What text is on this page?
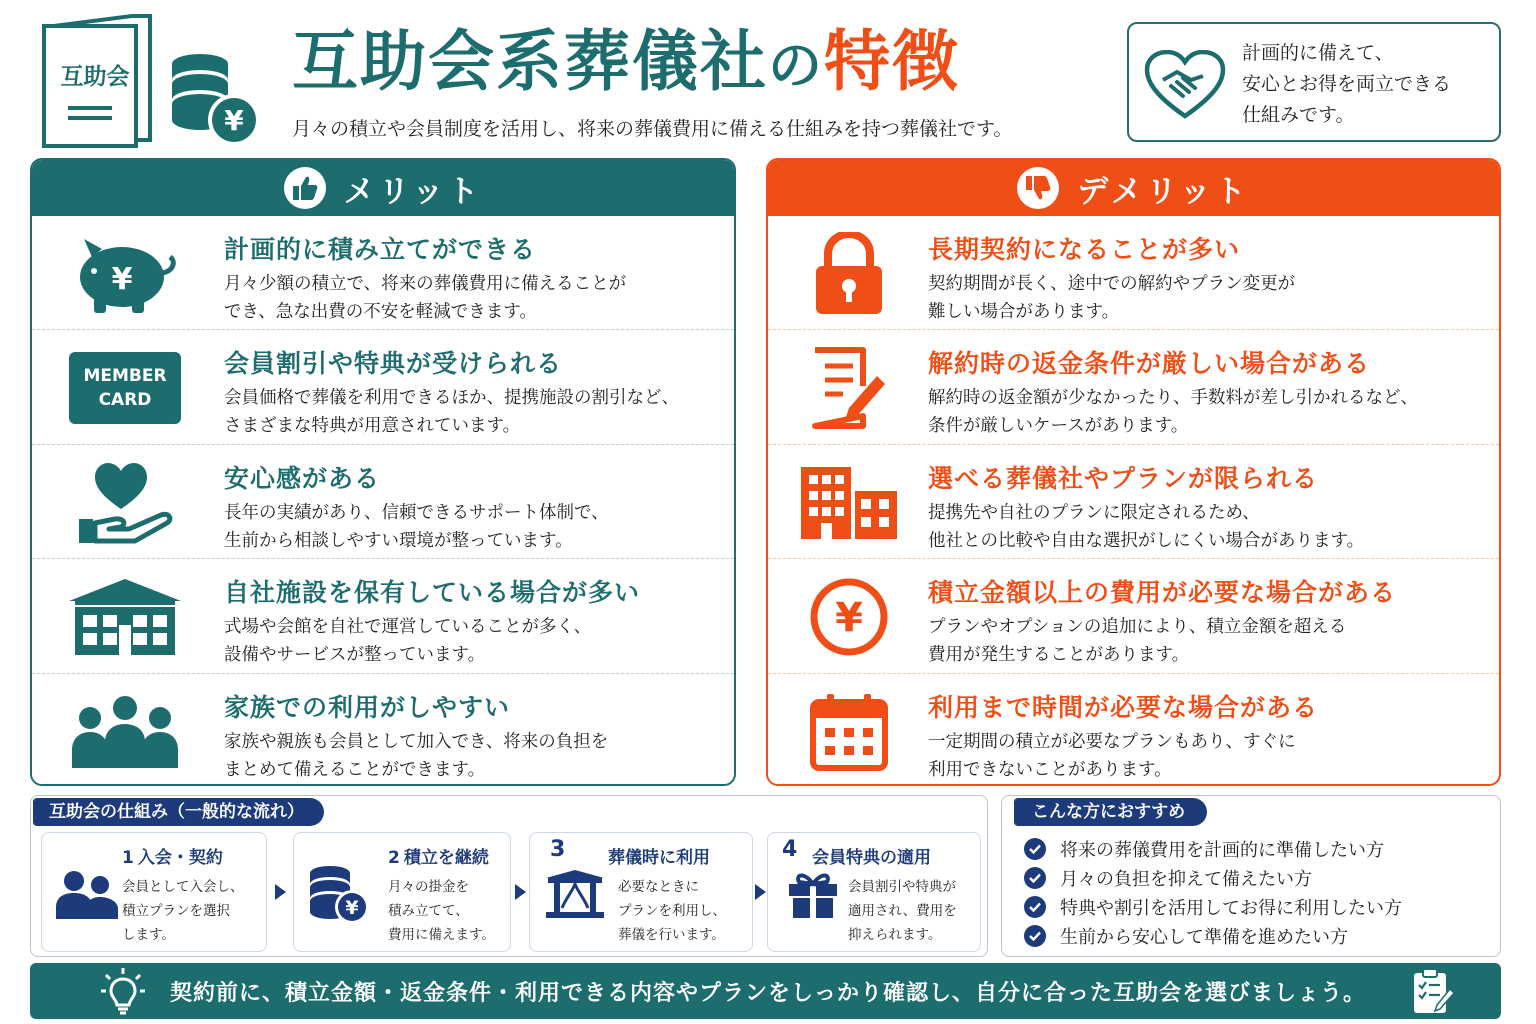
互助会
¥
互助会系葬儀社の特徴
月々の積立や会員制度を活用し、将来の葬儀費用に備える仕組みを持つ葬儀社です。
計画的に備えて、
安心とお得を両立できる
仕組みです。
メリット
¥
計画的に積み立てができる
月々少額の積立で、将来の葬儀費用に備えることが
でき、急な出費の不安を軽減できます。
MEMBER
CARD
会員割引や特典が受けられる
会員価格で葬儀を利用できるほか、提携施設の割引など、
さまざまな特典が用意されています。
安心感がある
長年の実績があり、信頼できるサポート体制で、
生前から相談しやすい環境が整っています。
自社施設を保有している場合が多い
式場や会館を自社で運営していることが多く、
設備やサービスが整っています。
家族での利用がしやすい
家族や親族も会員として加入でき、将来の負担を
まとめて備えることができます。
デメリット
長期契約になることが多い
契約期間が長く、途中での解約やプラン変更が
難しい場合があります。
解約時の返金条件が厳しい場合がある
解約時の返金額が少なかったり、手数料が差し引かれるなど、
条件が厳しいケースがあります。
選べる葬儀社やプランが限られる
提携先や自社のプランに限定されるため、
他社との比較や自由な選択がしにくい場合があります。
¥
積立金額以上の費用が必要な場合がある
プランやオプションの追加により、積立金額を超える
費用が発生することがあります。
利用まで時間が必要な場合がある
一定期間の積立が必要なプランもあり、すぐに
利用できないことがあります。
互助会の仕組み（一般的な流れ）
1 入会・契約
会員として入会し、
積立プランを選択
します。
¥
2 積立を継続
月々の掛金を
積み立てて、
費用に備えます。
3	葬儀時に利用
必要なときに
プランを利用し、
葬儀を行います。
4 会員特典の適用
会員割引や特典が
適用され、費用を
抑えられます。
こんな方におすすめ
将来の葬儀費用を計画的に準備したい方
月々の負担を抑えて備えたい方
特典や割引を活用してお得に利用したい方
生前から安心して準備を進めたい方
契約前に、積立金額・返金条件・利用できる内容やプランをしっかり確認し、自分に合った互助会を選びましょう。
